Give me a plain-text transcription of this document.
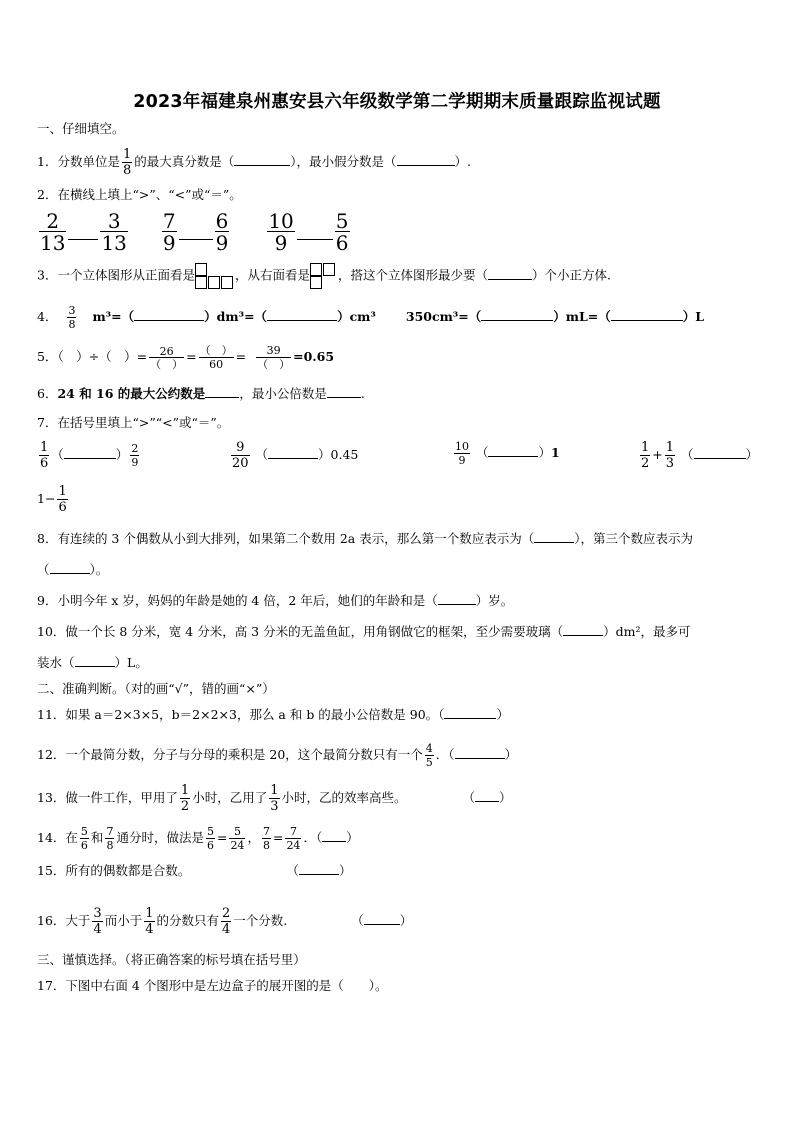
2023年福建泉州惠安县六年级数学第二学期期末质量跟踪监视试题
一、仔细填空。
1．分数单位是 $\frac{1}{8}$ 的最大真分数是（	），最小假分数是（	）.
2．在横线上填上“>”、“<”或“＝”。
$\frac{2}{13} \frac{3}{13}$
$\frac{7}{9} \frac{6}{9}$
$\frac{10}{9} \frac{5}{6}$
3．一个立体图形从正面看是	，从右面看是 ，搭这个立体图形最少要（	）个小正方体.
4． $\frac{3}{8} m^3=$（	）dm³=（	）cm³ 350cm³=（	）mL=（	）L
5．（　）÷（　）= $\frac{26}{( )} = \frac{( )}{60} = \frac{39}{( )} =0.65$
6．24 和 16 的最大公约数是	，最小公倍数是	.
7．在括号里填上“>”“<”或“＝”。
$\frac{1}{6}$ （	） $\frac{2}{9}$	$\frac{9}{20}$ （	）0.45	$\frac{10}{9}$ （	）1	$\frac{1}{2} + \frac{1}{3}$ （	）
$1- \frac{1}{6}$
8．有连续的 3 个偶数从小到大排列，如果第二个数用 2a 表示，那么第一个数应表示为（	），第三个数应表示为
（	）。
9．小明今年 x 岁，妈妈的年龄是她的 4 倍，2 年后，她们的年龄和是（	）岁。
10．做一个长 8 分米，宽 4 分米，高 3 分米的无盖鱼缸，用角钢做它的框架，至少需要玻璃（	）dm²，最多可
装水（	）L。
二、准确判断。（对的画“√”，错的画“×”）
11．如果 a＝2×3×5，b＝2×2×3，那么 a 和 b 的最小公倍数是 90。（	）
12．一个最简分数，分子与分母的乘积是 20，这个最简分数只有一个 $\frac{4}{5}$ ．（	）
13．做一件工作，甲用了 $\frac{1}{2}$ 小时，乙用了 $\frac{1}{3}$ 小时，乙的效率高些。	（ ）
14．在 $\frac{5}{6}$ 和 $\frac{7}{8}$ 通分时，做法是 $\frac{5}{6} = \frac{5}{24}$ ， $\frac{7}{8} = \frac{7}{24}$ ．（ ）
15．所有的偶数都是合数。	（	）
16．大于 $\frac{3}{4}$ 而小于 $\frac{1}{4}$ 的分数只有 $\frac{2}{4}$ 一个分数.	（	）
三、谨慎选择。（将正确答案的标号填在括号里）
17．下图中右面 4 个图形中是左边盒子的展开图的是（　　）。
